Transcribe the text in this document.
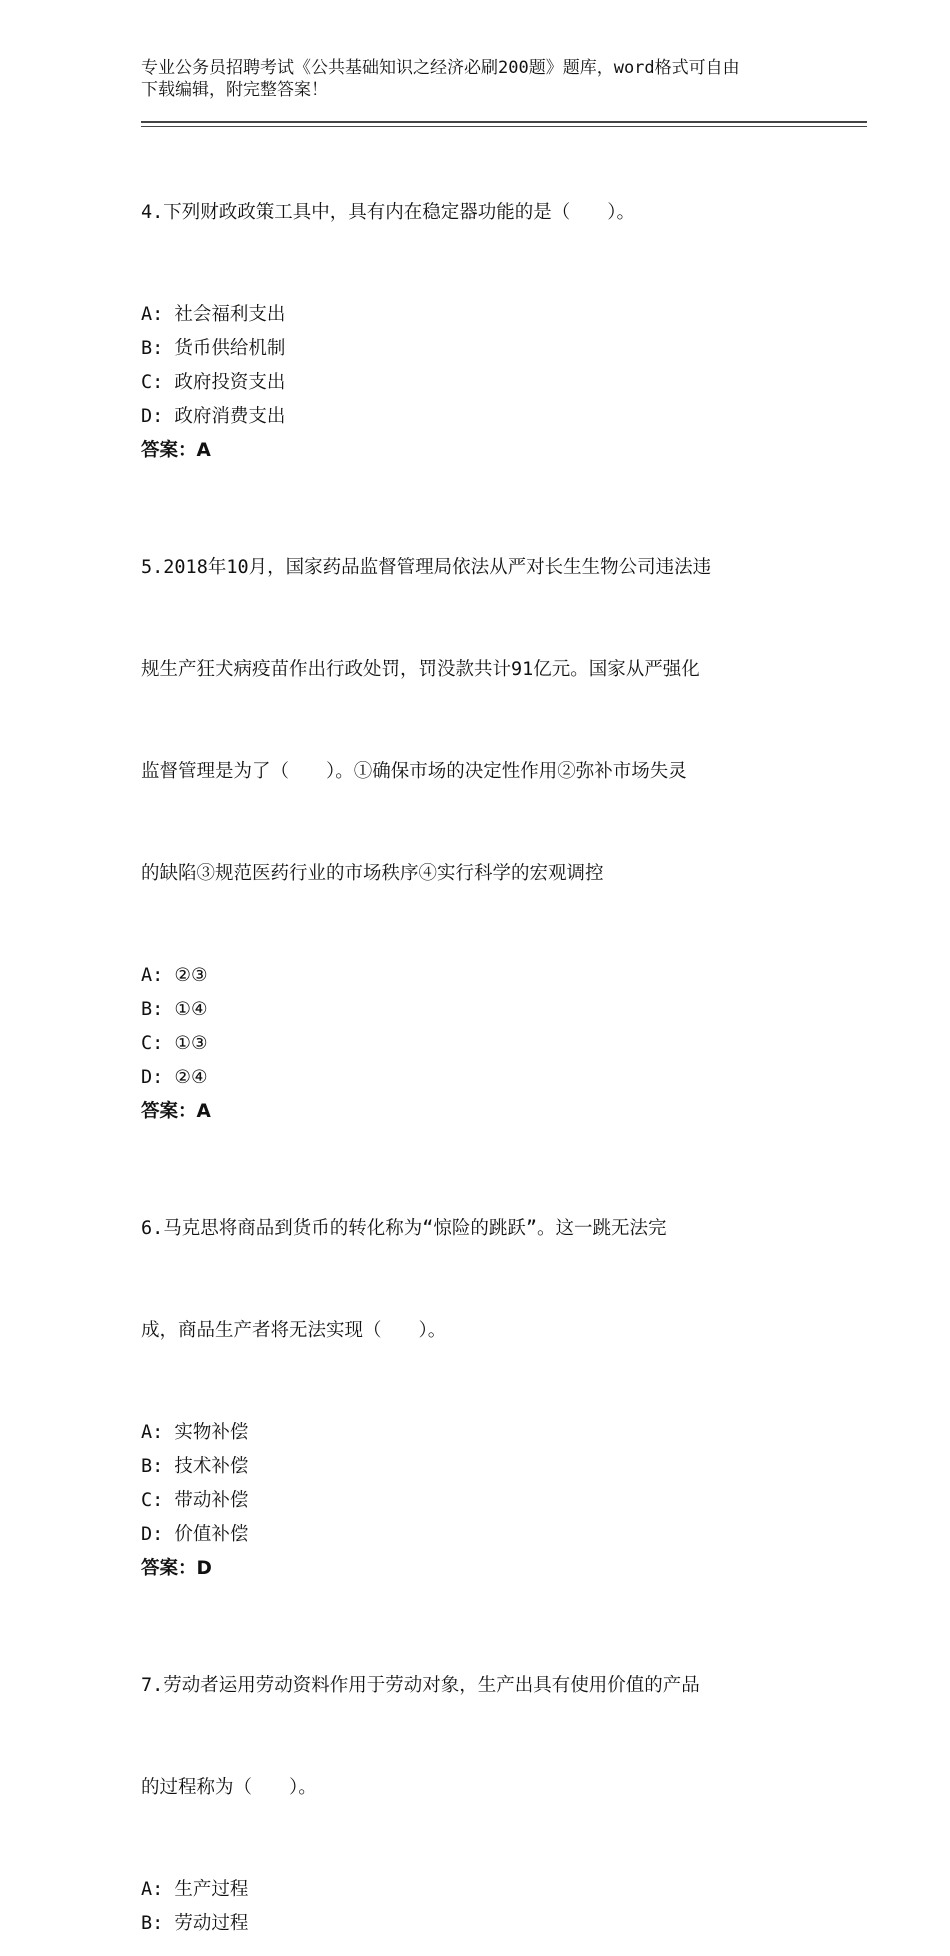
专业公务员招聘考试《公共基础知识之经济必刷200题》题库，word格式可自由
下载编辑，附完整答案！

4.下列财政政策工具中，具有内在稳定器功能的是（　　）。

A: 社会福利支出
B: 货币供给机制
C: 政府投资支出
D: 政府消费支出
答案：A

5.2018年10月，国家药品监督管理局依法从严对长生生物公司违法违

规生产狂犬病疫苗作出行政处罚，罚没款共计91亿元。国家从严强化

监督管理是为了（　　）。①确保市场的决定性作用②弥补市场失灵

的缺陷③规范医药行业的市场秩序④实行科学的宏观调控

A: ②③
B: ①④
C: ①③
D: ②④
答案：A

6.马克思将商品到货币的转化称为“惊险的跳跃”。这一跳无法完

成，商品生产者将无法实现（　　）。

A: 实物补偿
B: 技术补偿
C: 带动补偿
D: 价值补偿
答案：D

7.劳动者运用劳动资料作用于劳动对象，生产出具有使用价值的产品

的过程称为（　　）。

A: 生产过程
B: 劳动过程
